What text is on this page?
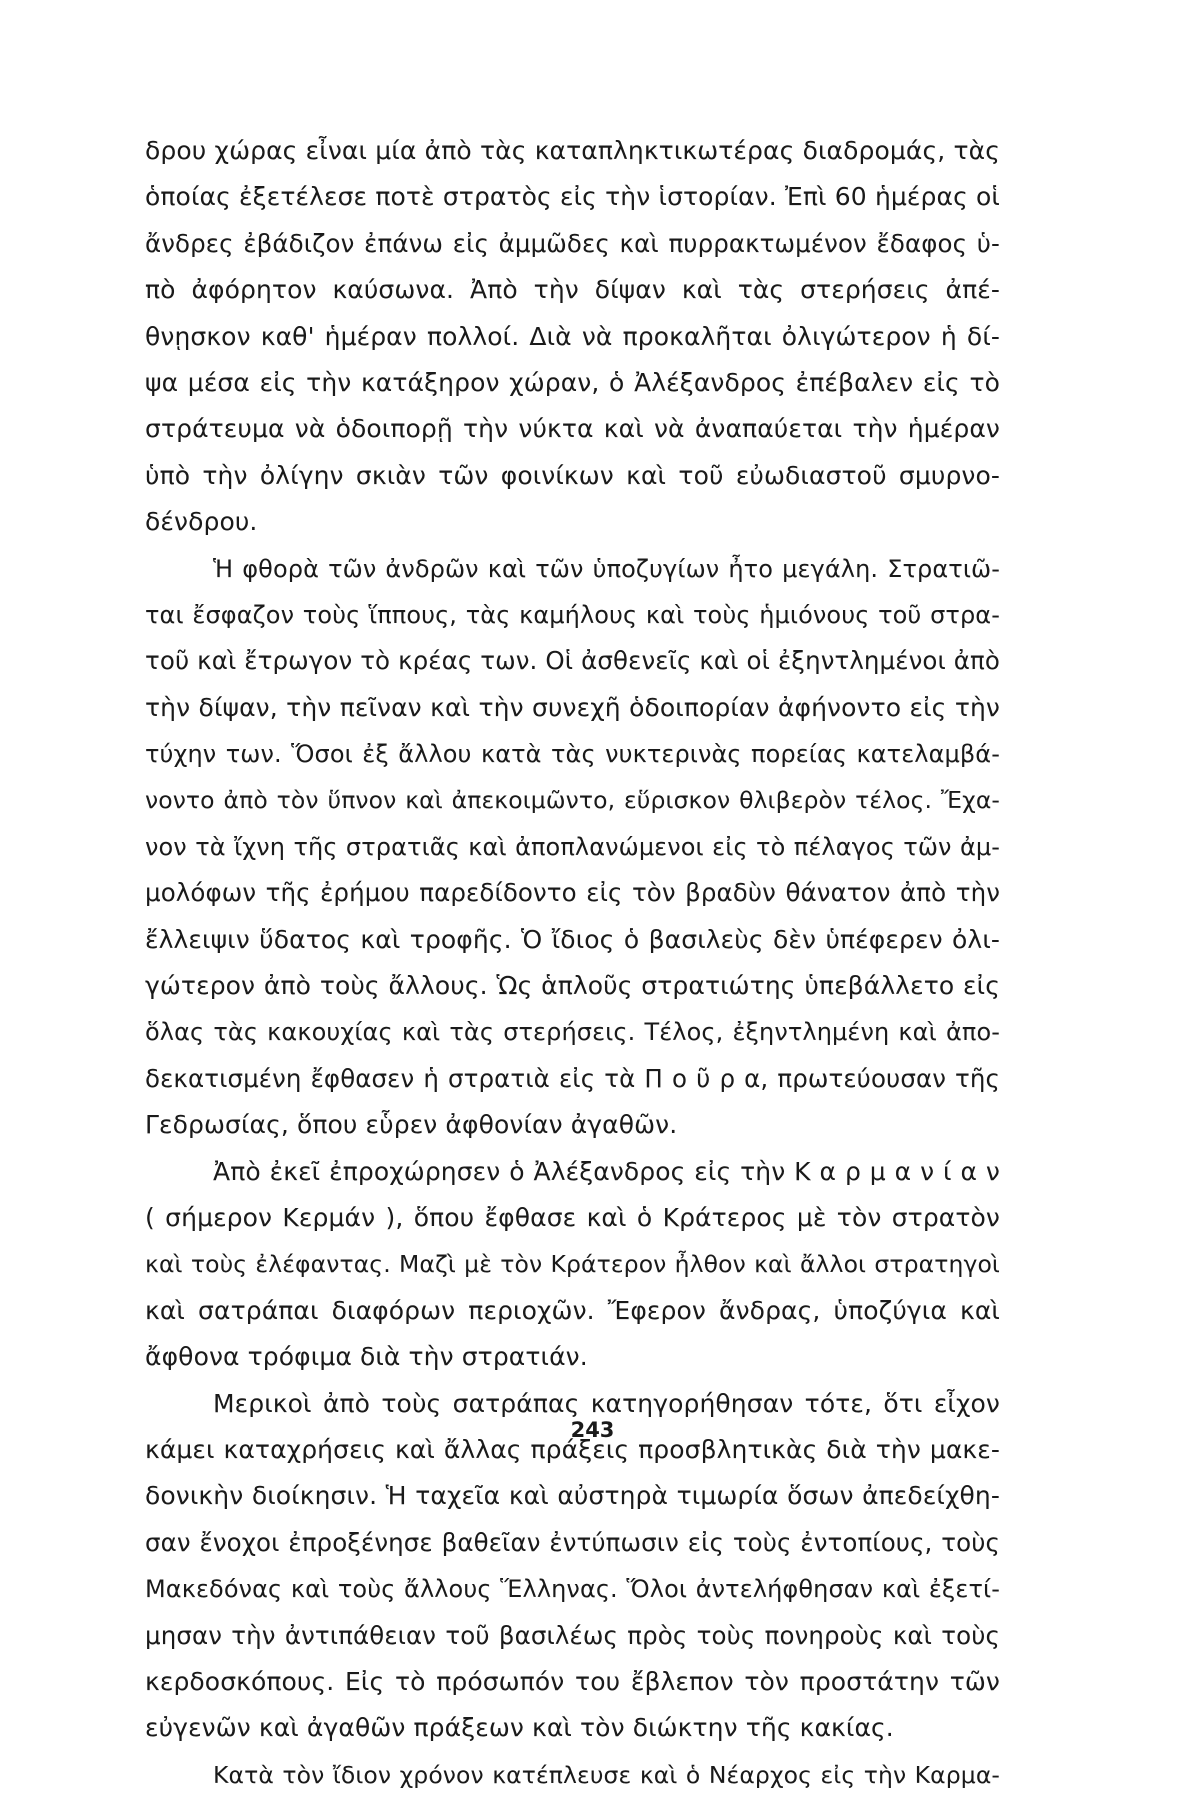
δρου χώρας εἶναι μία ἀπὸ τὰς καταπληκτικωτέρας διαδρομάς, τὰς
ὁποίας ἐξετέλεσε ποτὲ στρατὸς εἰς τὴν ἱστορίαν. Ἐπὶ 60 ἡμέρας οἱ
ἄνδρες ἐβάδιζον ἐπάνω εἰς ἀμμῶδες καὶ πυρρακτωμένον ἔδαφος ὑ-
πὸ ἀφόρητον καύσωνα. Ἀπὸ τὴν δίψαν καὶ τὰς στερήσεις ἀπέ-
θνῃσκον καθ' ἡμέραν πολλοί. Διὰ νὰ προκαλῆται ὀλιγώτερον ἡ δί-
ψα μέσα εἰς τὴν κατάξηρον χώραν, ὁ Ἀλέξανδρος ἐπέβαλεν εἰς τὸ
στράτευμα νὰ ὁδοιπορῇ τὴν νύκτα καὶ νὰ ἀναπαύεται τὴν ἡμέραν
ὑπὸ τὴν ὀλίγην σκιὰν τῶν φοινίκων καὶ τοῦ εὐωδιαστοῦ σμυρνο-
δένδρου.
Ἡ φθορὰ τῶν ἀνδρῶν καὶ τῶν ὑποζυγίων ἦτο μεγάλη. Στρατιῶ-
ται ἔσφαζον τοὺς ἵππους, τὰς καμήλους καὶ τοὺς ἡμιόνους τοῦ στρα-
τοῦ καὶ ἔτρωγον τὸ κρέας των. Οἱ ἀσθενεῖς καὶ οἱ ἐξηντλημένοι ἀπὸ
τὴν δίψαν, τὴν πεῖναν καὶ τὴν συνεχῆ ὁδοιπορίαν ἀφήνοντο εἰς τὴν
τύχην των. Ὅσοι ἐξ ἄλλου κατὰ τὰς νυκτερινὰς πορείας κατελαμβά-
νοντο ἀπὸ τὸν ὕπνον καὶ ἀπεκοιμῶντο, εὕρισκον θλιβερὸν τέλος. Ἔχα-
νον τὰ ἴχνη τῆς στρατιᾶς καὶ ἀποπλανώμενοι εἰς τὸ πέλαγος τῶν ἀμ-
μολόφων τῆς ἐρήμου παρεδίδοντο εἰς τὸν βραδὺν θάνατον ἀπὸ τὴν
ἔλλειψιν ὕδατος καὶ τροφῆς. Ὁ ἴδιος ὁ βασιλεὺς δὲν ὑπέφερεν ὀλι-
γώτερον ἀπὸ τοὺς ἄλλους. Ὡς ἁπλοῦς στρατιώτης ὑπεβάλλετο εἰς
ὅλας τὰς κακουχίας καὶ τὰς στερήσεις. Τέλος, ἐξηντλημένη καὶ ἀπο-
δεκατισμένη ἔφθασεν ἡ στρατιὰ εἰς τὰ Π ο ῦ ρ α, πρωτεύουσαν τῆς
Γεδρωσίας, ὅπου εὗρεν ἀφθονίαν ἀγαθῶν.
Ἀπὸ ἐκεῖ ἐπροχώρησεν ὁ Ἀλέξανδρος εἰς τὴν Κ α ρ μ α ν ί α ν
( σήμερον Κερμάν ), ὅπου ἔφθασε καὶ ὁ Κράτερος μὲ τὸν στρατὸν
καὶ τοὺς ἐλέφαντας. Μαζὶ μὲ τὸν Κράτερον ἦλθον καὶ ἄλλοι στρατηγοὶ
καὶ σατράπαι διαφόρων περιοχῶν. Ἔφερον ἄνδρας, ὑποζύγια καὶ
ἄφθονα τρόφιμα διὰ τὴν στρατιάν.
Μερικοὶ ἀπὸ τοὺς σατράπας κατηγορήθησαν τότε, ὅτι εἶχον
κάμει καταχρήσεις καὶ ἄλλας πράξεις προσβλητικὰς διὰ τὴν μακε-
δονικὴν διοίκησιν. Ἡ ταχεῖα καὶ αὐστηρὰ τιμωρία ὅσων ἀπεδείχθη-
σαν ἔνοχοι ἐπροξένησε βαθεῖαν ἐντύπωσιν εἰς τοὺς ἐντοπίους, τοὺς
Μακεδόνας καὶ τοὺς ἄλλους Ἕλληνας. Ὅλοι ἀντελήφθησαν καὶ ἐξετί-
μησαν τὴν ἀντιπάθειαν τοῦ βασιλέως πρὸς τοὺς πονηροὺς καὶ τοὺς
κερδοσκόπους. Εἰς τὸ πρόσωπόν του ἔβλεπον τὸν προστάτην τῶν
εὐγενῶν καὶ ἀγαθῶν πράξεων καὶ τὸν διώκτην τῆς κακίας.
Κατὰ τὸν ἴδιον χρόνον κατέπλευσε καὶ ὁ Νέαρχος εἰς τὴν Καρμα-
243
